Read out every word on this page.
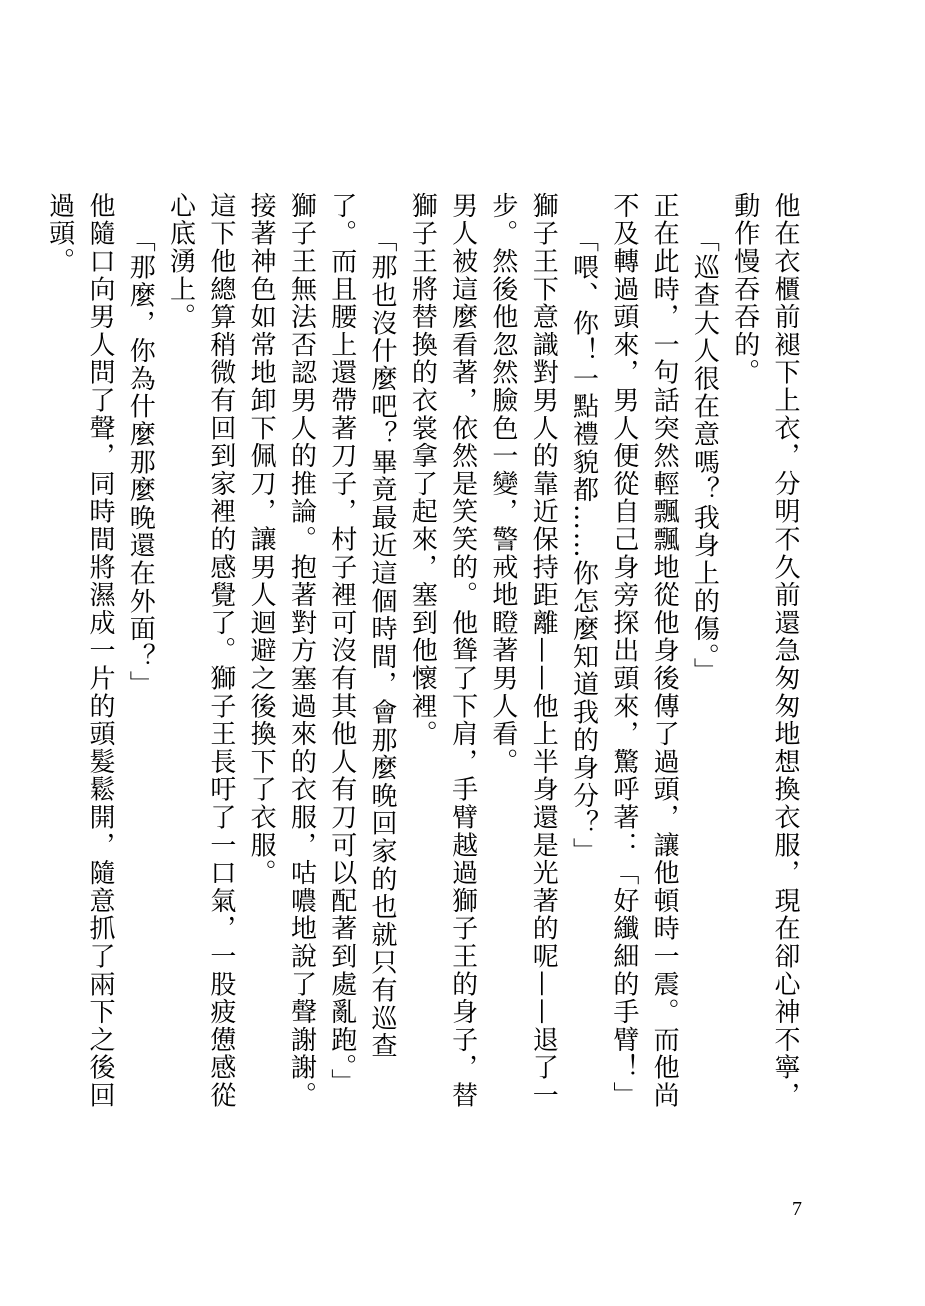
他在衣櫃前褪下上衣，分明不久前還急匆匆地想換衣服，現在卻心神不寧，動作慢吞吞的。

「巡查大人很在意嗎？我身上的傷。」

正在此時，一句話突然輕飄飄地從他身後傳了過頭，讓他頓時一震。而他尚不及轉過頭來，男人便從自己身旁探出頭來，驚呼著：「好纖細的手臂！」

「喂、你！一點禮貌都……你怎麼知道我的身分？」

獅子王下意識對男人的靠近保持距離——他上半身還是光著的呢——退了一步。然後他忽然臉色一變，警戒地瞪著男人看。

男人被這麼看著，依然是笑笑的。他聳了下肩，手臂越過獅子王的身子，替獅子王將替換的衣裳拿了起來，塞到他懷裡。

「那也沒什麼吧？畢竟最近這個時間，會那麼晚回家的也就只有巡查了。而且腰上還帶著刀子，村子裡可沒有其他人有刀可以配著到處亂跑。」

獅子王無法否認男人的推論。抱著對方塞過來的衣服，咕噥地說了聲謝謝。接著神色如常地卸下佩刀，讓男人迴避之後換下了衣服。

這下他總算稍微有回到家裡的感覺了。獅子王長吁了一口氣，一股疲憊感從心底湧上。

「那麼，你為什麼那麼晚還在外面？」

他隨口向男人問了聲，同時間將濕成一片的頭髮鬆開，隨意抓了兩下之後回過頭。

7
